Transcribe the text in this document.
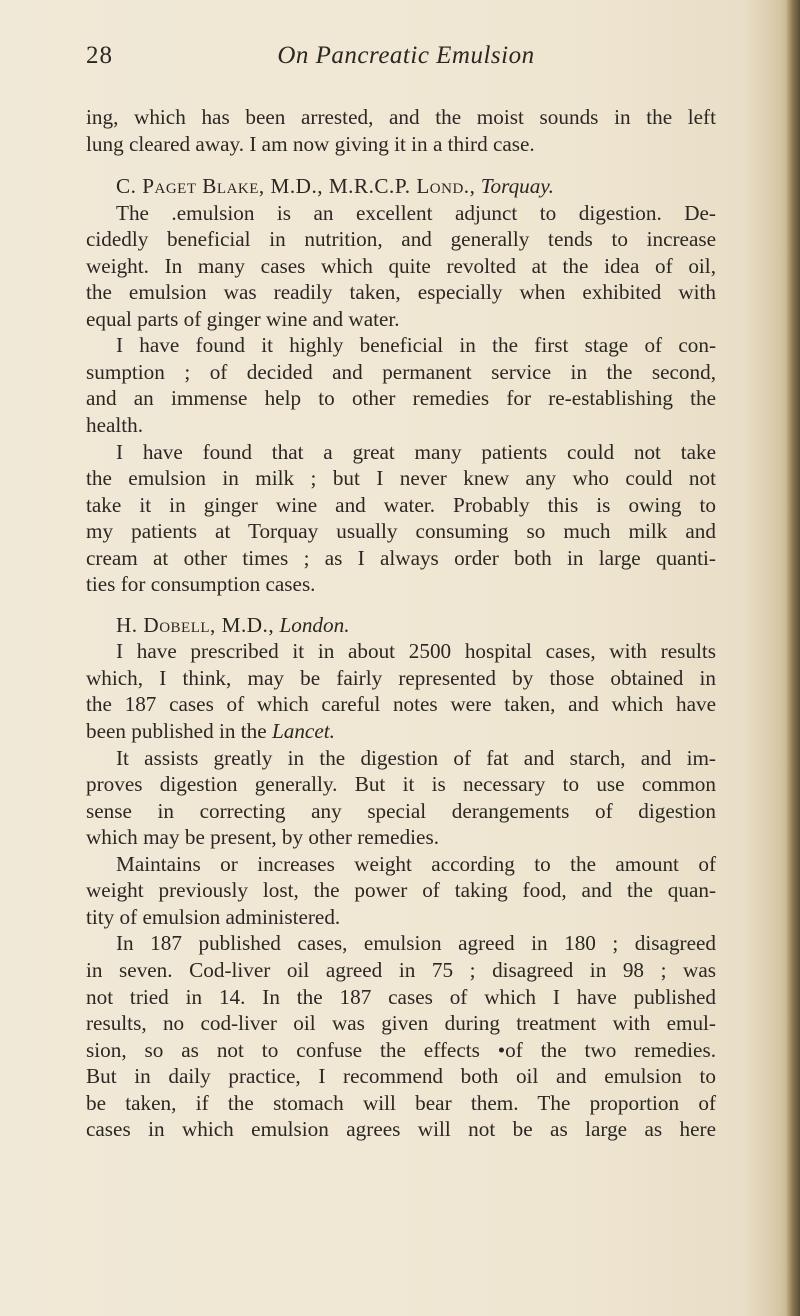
28	On Pancreatic Emulsion
ing, which has been arrested, and the moist sounds in the left
lung cleared away. I am now giving it in a third case.
C. Paget Blake, M.D., M.R.C.P. Lond., Torquay.
The .emulsion is an excellent adjunct to digestion. De-
cidedly beneficial in nutrition, and generally tends to increase
weight. In many cases which quite revolted at the idea of oil,
the emulsion was readily taken, especially when exhibited with
equal parts of ginger wine and water.
I have found it highly beneficial in the first stage of con-
sumption ; of decided and permanent service in the second,
and an immense help to other remedies for re-establishing the
health.
I have found that a great many patients could not take
the emulsion in milk ; but I never knew any who could not
take it in ginger wine and water. Probably this is owing to
my patients at Torquay usually consuming so much milk and
cream at other times ; as I always order both in large quanti-
ties for consumption cases.
H. Dobell, M.D., London.
I have prescribed it in about 2500 hospital cases, with results
which, I think, may be fairly represented by those obtained in
the 187 cases of which careful notes were taken, and which have
been published in the Lancet.
It assists greatly in the digestion of fat and starch, and im-
proves digestion generally. But it is necessary to use common
sense in correcting any special derangements of digestion
which may be present, by other remedies.
Maintains or increases weight according to the amount of
weight previously lost, the power of taking food, and the quan-
tity of emulsion administered.
In 187 published cases, emulsion agreed in 180 ; disagreed
in seven. Cod-liver oil agreed in 75 ; disagreed in 98 ; was
not tried in 14. In the 187 cases of which I have published
results, no cod-liver oil was given during treatment with emul-
sion, so as not to confuse the effects •of the two remedies.
But in daily practice, I recommend both oil and emulsion to
be taken, if the stomach will bear them. The proportion of
cases in which emulsion agrees will not be as large as here
